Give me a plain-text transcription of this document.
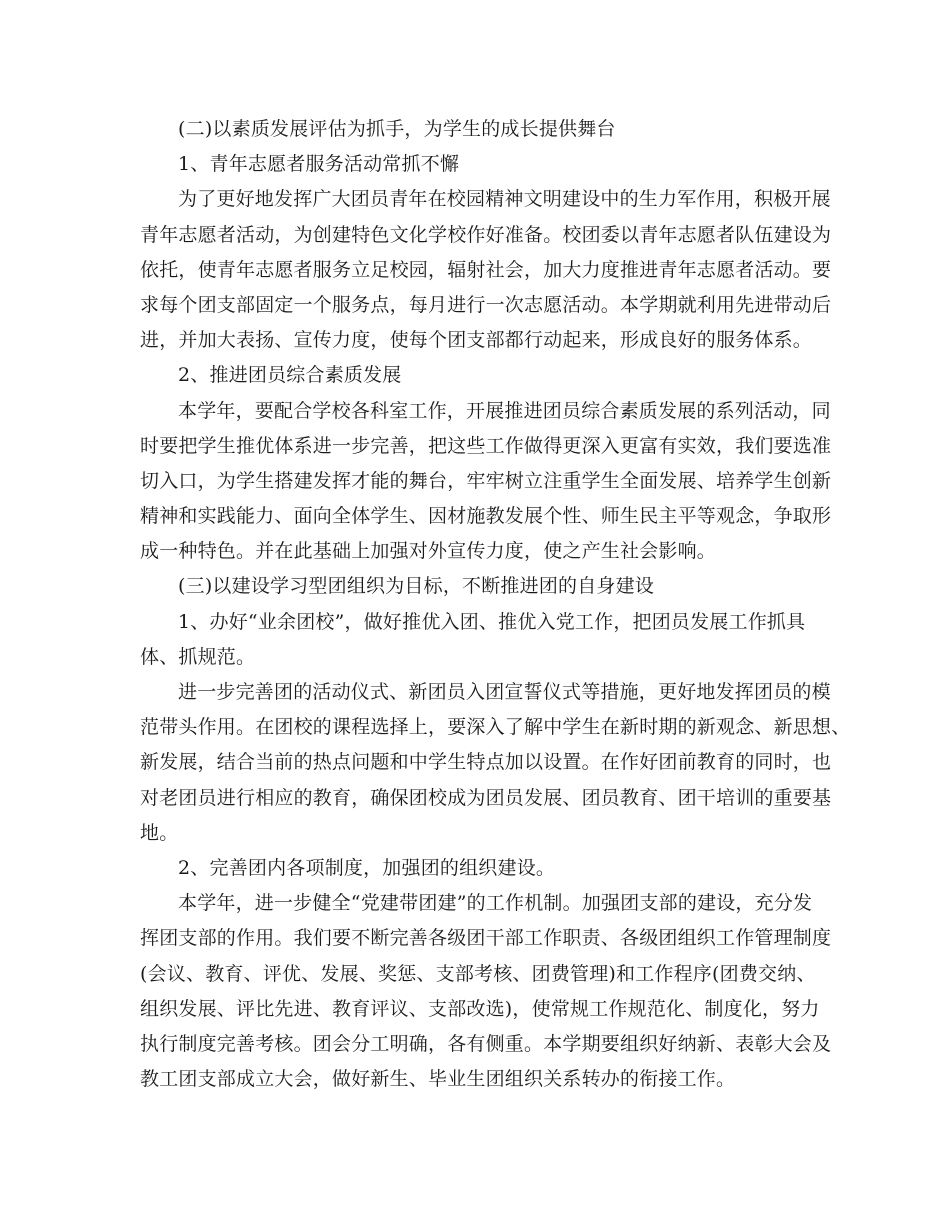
(二)以素质发展评估为抓手，为学生的成长提供舞台
1、青年志愿者服务活动常抓不懈
为了更好地发挥广大团员青年在校园精神文明建设中的生力军作用，积极开展
青年志愿者活动，为创建特色文化学校作好准备。校团委以青年志愿者队伍建设为
依托，使青年志愿者服务立足校园，辐射社会，加大力度推进青年志愿者活动。要
求每个团支部固定一个服务点，每月进行一次志愿活动。本学期就利用先进带动后
进，并加大表扬、宣传力度，使每个团支部都行动起来，形成良好的服务体系。
2、推进团员综合素质发展
本学年，要配合学校各科室工作，开展推进团员综合素质发展的系列活动，同
时要把学生推优体系进一步完善，把这些工作做得更深入更富有实效，我们要选准
切入口，为学生搭建发挥才能的舞台，牢牢树立注重学生全面发展、培养学生创新
精神和实践能力、面向全体学生、因材施教发展个性、师生民主平等观念，争取形
成一种特色。并在此基础上加强对外宣传力度，使之产生社会影响。
(三)以建设学习型团组织为目标，不断推进团的自身建设
1、办好“业余团校”，做好推优入团、推优入党工作，把团员发展工作抓具
体、抓规范。
进一步完善团的活动仪式、新团员入团宣誓仪式等措施，更好地发挥团员的模
范带头作用。在团校的课程选择上，要深入了解中学生在新时期的新观念、新思想、
新发展，结合当前的热点问题和中学生特点加以设置。在作好团前教育的同时，也
对老团员进行相应的教育，确保团校成为团员发展、团员教育、团干培训的重要基
地。
2、完善团内各项制度，加强团的组织建设。
本学年，进一步健全“党建带团建”的工作机制。加强团支部的建设，充分发
挥团支部的作用。我们要不断完善各级团干部工作职责、各级团组织工作管理制度
(会议、教育、评优、发展、奖惩、支部考核、团费管理)和工作程序(团费交纳、
组织发展、评比先进、教育评议、支部改选)，使常规工作规范化、制度化，努力
执行制度完善考核。团会分工明确，各有侧重。本学期要组织好纳新、表彰大会及
教工团支部成立大会，做好新生、毕业生团组织关系转办的衔接工作。
